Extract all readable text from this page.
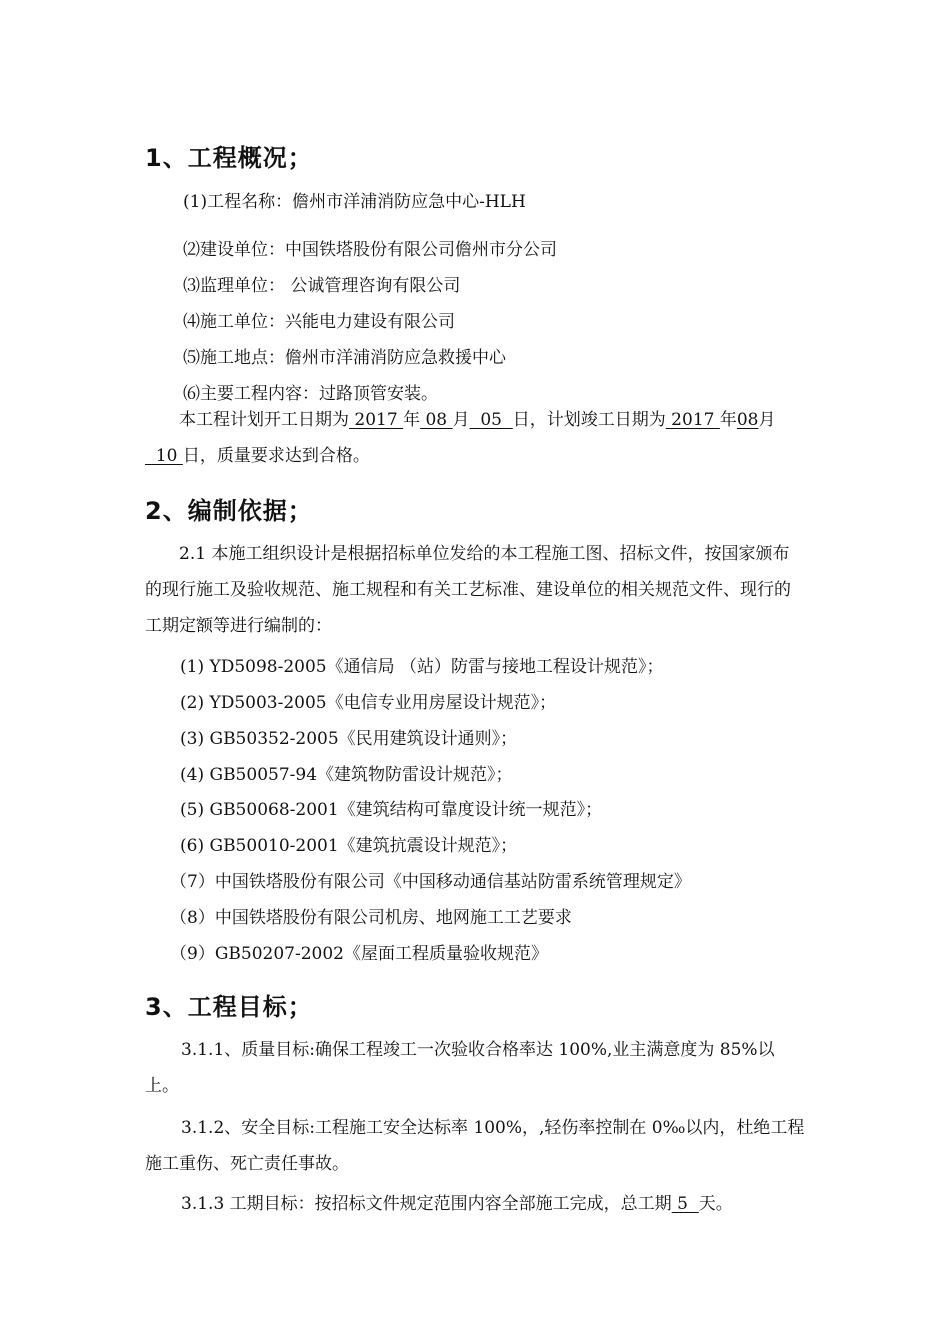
1、工程概况；
(1)工程名称：儋州市洋浦消防应急中心-HLH
⑵建设单位：中国铁塔股份有限公司儋州市分公司
⑶监理单位： 公诚管理咨询有限公司
⑷施工单位：兴能电力建设有限公司
⑸施工地点：儋州市洋浦消防应急救援中心
⑹主要工程内容：过路顶管安装。
本工程计划开工日期为 2017 年 08 月  05  日，计划竣工日期为 2017 年08月  10 日，质量要求达到合格。
2、编制依据；
2.1 本施工组织设计是根据招标单位发给的本工程施工图、招标文件，按国家颁布的现行施工及验收规范、施工规程和有关工艺标准、建设单位的相关规范文件、现行的工期定额等进行编制的：
(1) YD5098-2005《通信局 （站）防雷与接地工程设计规范》；
(2) YD5003-2005《电信专业用房屋设计规范》；
(3) GB50352-2005《民用建筑设计通则》；
(4) GB50057-94《建筑物防雷设计规范》；
(5) GB50068-2001《建筑结构可靠度设计统一规范》；
(6) GB50010-2001《建筑抗震设计规范》；
（7）中国铁塔股份有限公司《中国移动通信基站防雷系统管理规定》
（8）中国铁塔股份有限公司机房、地网施工工艺要求
（9）GB50207-2002《屋面工程质量验收规范》
3、工程目标；
3.1.1、质量目标:确保工程竣工一次验收合格率达 100%,业主满意度为 85%以上。
3.1.2、安全目标:工程施工安全达标率 100%，,轻伤率控制在 0‰以内，杜绝工程施工重伤、死亡责任事故。
3.1.3 工期目标：按招标文件规定范围内容全部施工完成，总工期 5  天。
